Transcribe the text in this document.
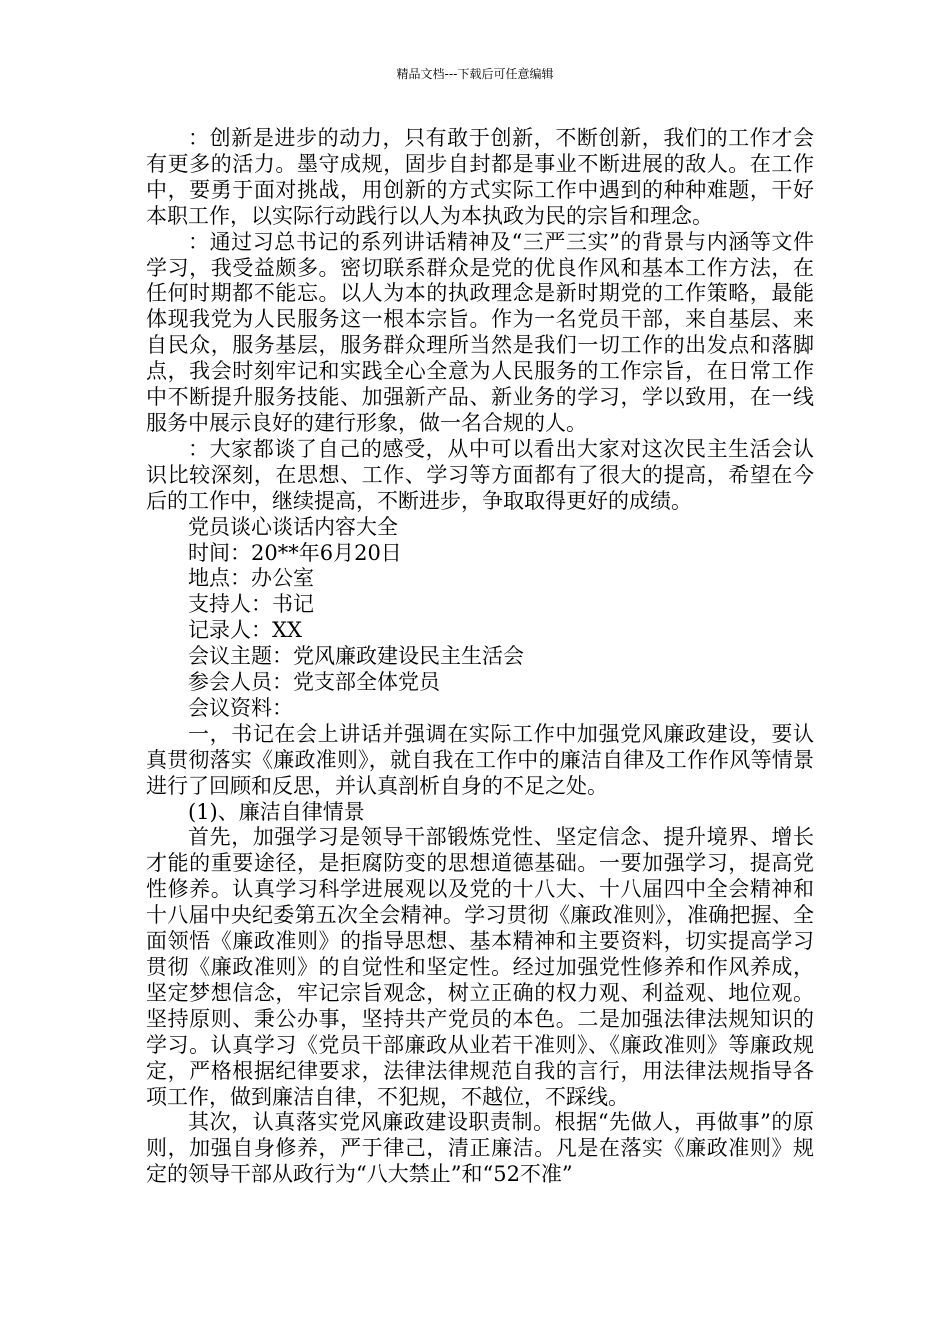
精品文档---下载后可任意编辑

：创新是进步的动力，只有敢于创新，不断创新，我们的工作才会有更多的活力。墨守成规，固步自封都是事业不断进展的敌人。在工作中，要勇于面对挑战，用创新的方式实际工作中遇到的种种难题，干好本职工作，以实际行动践行以人为本执政为民的宗旨和理念。

：通过习总书记的系列讲话精神及“三严三实”的背景与内涵等文件学习，我受益颇多。密切联系群众是党的优良作风和基本工作方法，在任何时期都不能忘。以人为本的执政理念是新时期党的工作策略，最能体现我党为人民服务这一根本宗旨。作为一名党员干部，来自基层、来自民众，服务基层，服务群众理所当然是我们一切工作的出发点和落脚点，我会时刻牢记和实践全心全意为人民服务的工作宗旨，在日常工作中不断提升服务技能、加强新产品、新业务的学习，学以致用，在一线服务中展示良好的建行形象，做一名合规的人。

：大家都谈了自己的感受，从中可以看出大家对这次民主生活会认识比较深刻，在思想、工作、学习等方面都有了很大的提高，希望在今后的工作中，继续提高，不断进步，争取取得更好的成绩。

党员谈心谈话内容大全

时间：20**年6月20日

地点：办公室

支持人：书记

记录人：XX

会议主题：党风廉政建设民主生活会

参会人员：党支部全体党员

会议资料：

一，书记在会上讲话并强调在实际工作中加强党风廉政建设，要认真贯彻落实《廉政准则》，就自我在工作中的廉洁自律及工作作风等情景进行了回顾和反思，并认真剖析自身的不足之处。

(1)、廉洁自律情景

首先，加强学习是领导干部锻炼党性、坚定信念、提升境界、增长才能的重要途径，是拒腐防变的思想道德基础。一要加强学习，提高党性修养。认真学习科学进展观以及党的十八大、十八届四中全会精神和十八届中央纪委第五次全会精神。学习贯彻《廉政准则》，准确把握、全面领悟《廉政准则》的指导思想、基本精神和主要资料，切实提高学习贯彻《廉政准则》的自觉性和坚定性。经过加强党性修养和作风养成，坚定梦想信念，牢记宗旨观念，树立正确的权力观、利益观、地位观。坚持原则、秉公办事，坚持共产党员的本色。二是加强法律法规知识的学习。认真学习《党员干部廉政从业若干准则》、《廉政准则》等廉政规定，严格根据纪律要求，法律法律规范自我的言行，用法律法规指导各项工作，做到廉洁自律，不犯规，不越位，不踩线。

其次，认真落实党风廉政建设职责制。根据“先做人，再做事”的原则，加强自身修养，严于律己，清正廉洁。凡是在落实《廉政准则》规定的领导干部从政行为“八大禁止”和“52不准”
